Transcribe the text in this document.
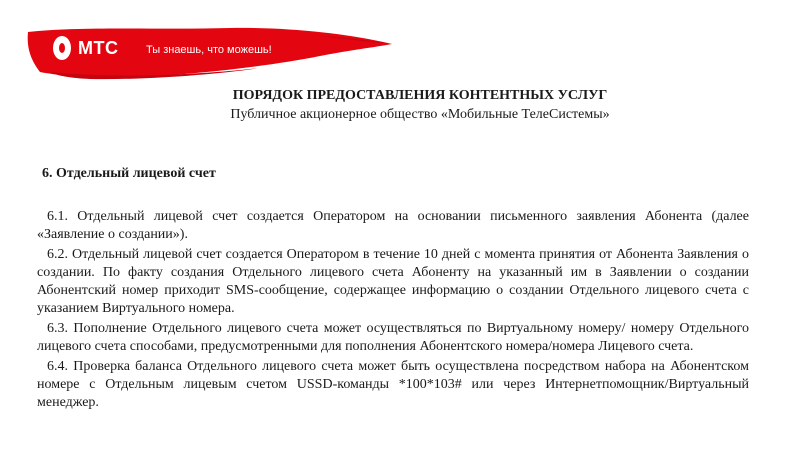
МТС	Ты знаешь, что можешь!
ПОРЯДОК ПРЕДОСТАВЛЕНИЯ КОНТЕНТНЫХ УСЛУГ
Публичное акционерное общество «Мобильные ТелеСистемы»
6. Отдельный лицевой счет

6.1. Отдельный лицевой счет создается Оператором на основании письменного заявления Абонента (далее «Заявление о создании»).

6.2. Отдельный лицевой счет создается Оператором в течение 10 дней с момента принятия от Абонента Заявления о создании. По факту создания Отдельного лицевого счета Абоненту на указанный им в Заявлении о создании Абонентский номер приходит SMS-сообщение, содержащее информацию о создании Отдельного лицевого счета с указанием Виртуального номера.

6.3. Пополнение Отдельного лицевого счета может осуществляться по Виртуальному номеру/ номеру Отдельного лицевого счета способами, предусмотренными для пополнения Абонентского номера/номера Лицевого счета.

6.4. Проверка баланса Отдельного лицевого счета может быть осуществлена посредством набора на Абонентском номере с Отдельным лицевым счетом USSD-команды *100*103# или через Интернетпомощник/Виртуальный менеджер.
